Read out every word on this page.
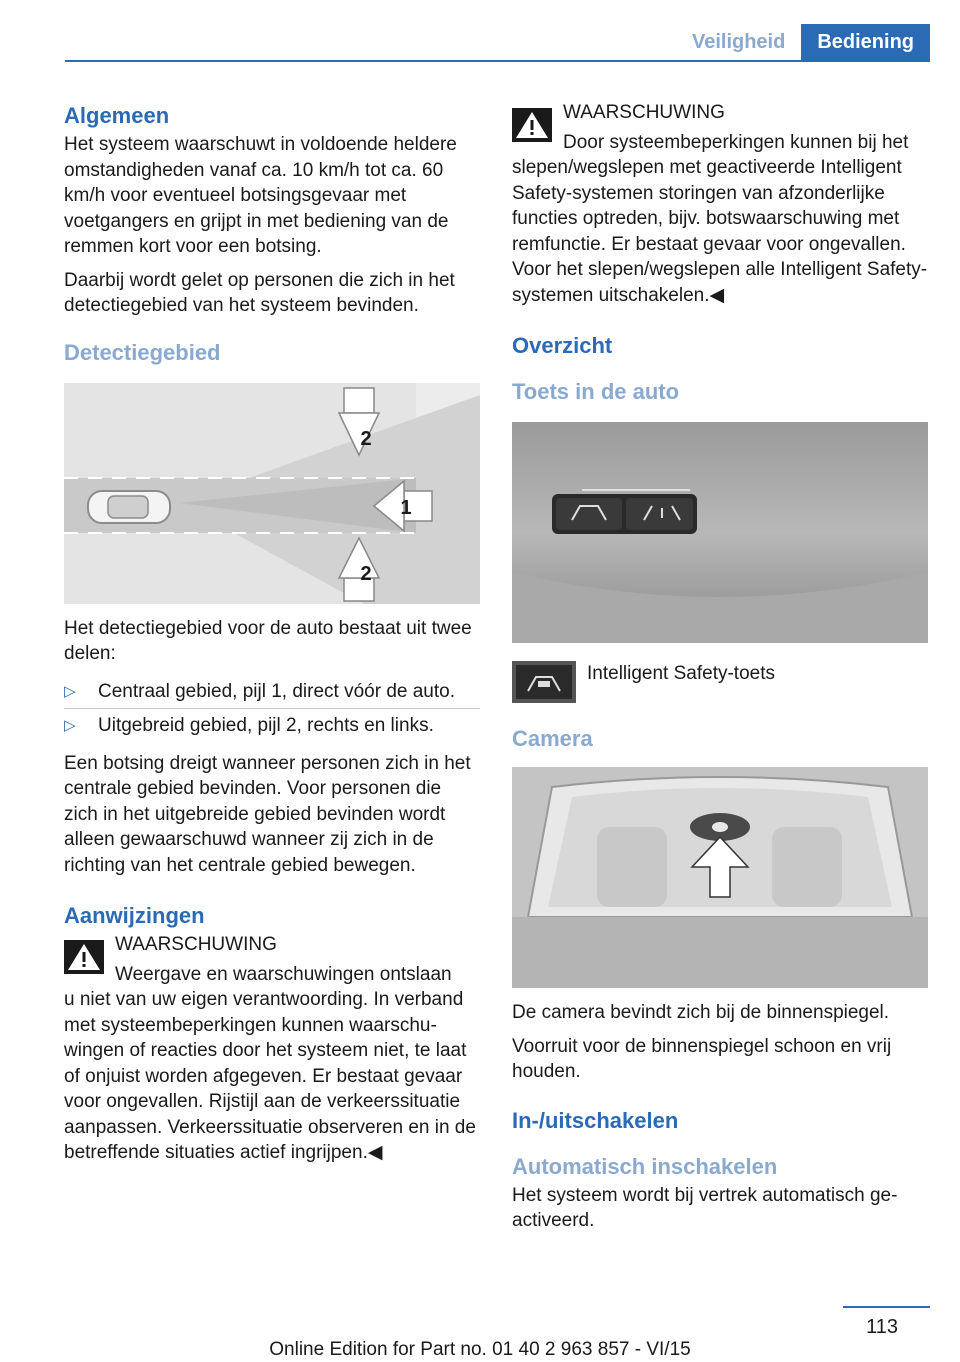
Veiligheid	Bediening
Algemeen

Het systeem waarschuwt in voldoende heldere omstandigheden vanaf ca. 10 km/h tot ca. 60 km/h voor eventueel botsingsgevaar met voetgangers en grijpt in met bediening van de remmen kort voor een botsing.

Daarbij wordt gelet op personen die zich in het detectiegebied van het systeem bevinden.

Detectiegebied
2
1
2

Het detectiegebied voor de auto bestaat uit twee delen:

▷ Centraal gebied, pijl 1, direct vóór de auto.
▷ Uitgebreid gebied, pijl 2, rechts en links.

Een botsing dreigt wanneer personen zich in het centrale gebied bevinden. Voor personen die zich in het uitgebreide gebied bevinden wordt alleen gewaarschuwd wanneer zij zich in de richting van het centrale gebied bewegen.

Aanwijzingen

WAARSCHUWING

Weergave en waarschuwingen ontslaan

u niet van uw eigen verantwoording. In verband met systeembeperkingen kunnen waarschuwingen of reacties door het systeem niet, te laat of onjuist worden afgegeven. Er bestaat gevaar voor ongevallen. Rijstijl aan de verkeerssituatie aanpassen. Verkeerssituatie observeren en in de betreffende situaties actief ingrijpen.◀

WAARSCHUWING

Door systeembeperkingen kunnen bij het

slepen/wegslepen met geactiveerde Intelligent Safety-systemen storingen van afzonderlijke functies optreden, bijv. botswaarschuwing met remfunctie. Er bestaat gevaar voor ongevallen. Voor het slepen/wegslepen alle Intelligent Safety-systemen uitschakelen.◀

Overzicht
Toets in de auto
Intelligent Safety-toets
Camera

De camera bevindt zich bij de binnenspiegel.

Voorruit voor de binnenspiegel schoon en vrij houden.

In-/uitschakelen
Automatisch inschakelen

Het systeem wordt bij vertrek automatisch geactiveerd.

113
Online Edition for Part no. 01 40 2 963 857 - VI/15
